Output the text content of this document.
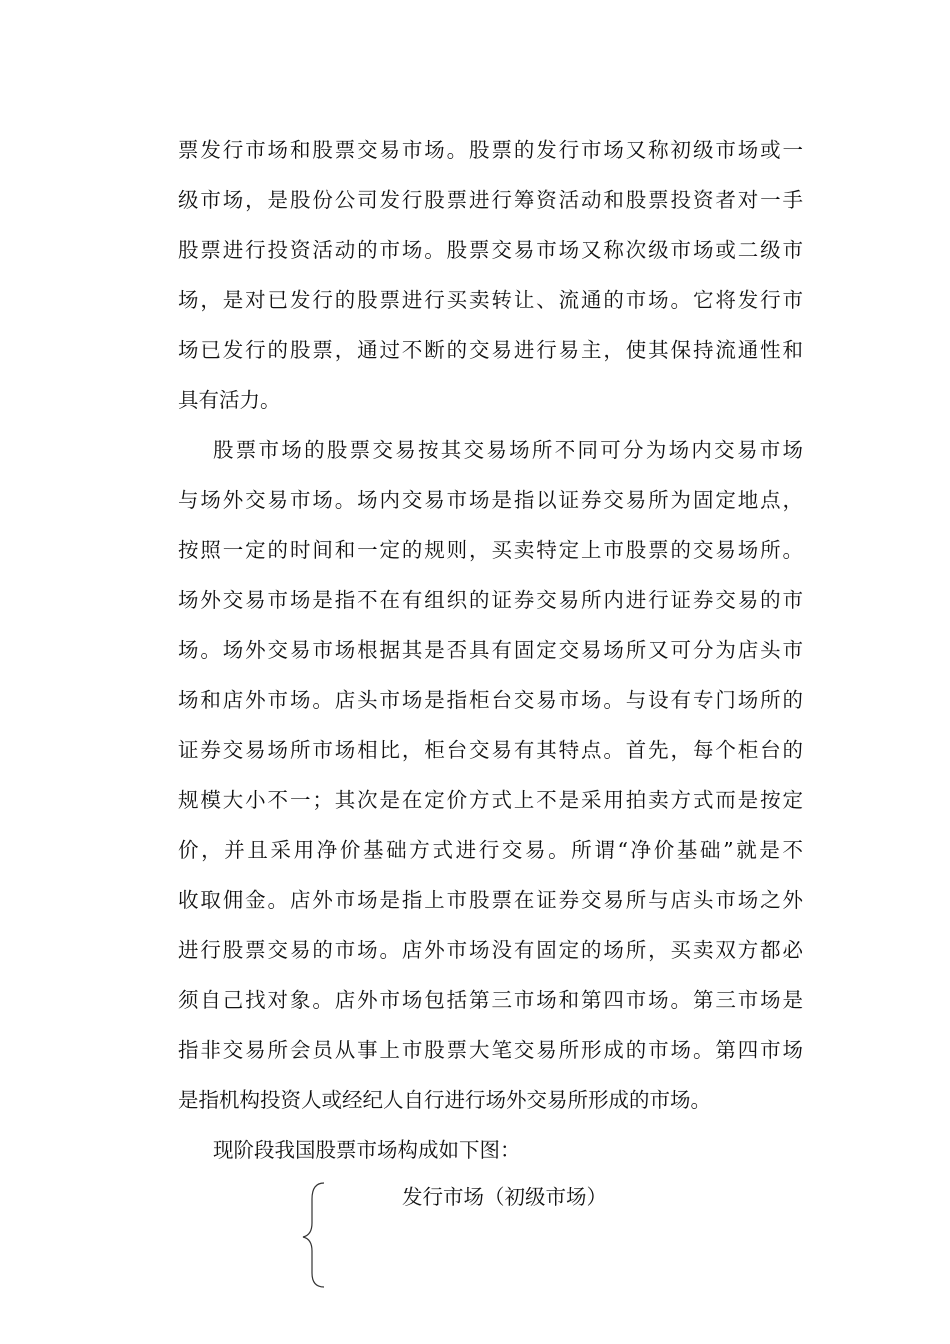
票发行市场和股票交易市场。股票的发行市场又称初级市场或一
级市场，是股份公司发行股票进行筹资活动和股票投资者对一手
股票进行投资活动的市场。股票交易市场又称次级市场或二级市
场，是对已发行的股票进行买卖转让、流通的市场。它将发行市
场已发行的股票，通过不断的交易进行易主，使其保持流通性和
具有活力。
股票市场的股票交易按其交易场所不同可分为场内交易市场
与场外交易市场。场内交易市场是指以证券交易所为固定地点，
按照一定的时间和一定的规则，买卖特定上市股票的交易场所。
场外交易市场是指不在有组织的证券交易所内进行证券交易的市
场。场外交易市场根据其是否具有固定交易场所又可分为店头市
场和店外市场。店头市场是指柜台交易市场。与设有专门场所的
证券交易场所市场相比，柜台交易有其特点。首先，每个柜台的
规模大小不一；其次是在定价方式上不是采用拍卖方式而是按定
价，并且采用净价基础方式进行交易。所谓“净价基础”就是不
收取佣金。店外市场是指上市股票在证券交易所与店头市场之外
进行股票交易的市场。店外市场没有固定的场所，买卖双方都必
须自己找对象。店外市场包括第三市场和第四市场。第三市场是
指非交易所会员从事上市股票大笔交易所形成的市场。第四市场
是指机构投资人或经纪人自行进行场外交易所形成的市场。
现阶段我国股票市场构成如下图：
发行市场（初级市场）
